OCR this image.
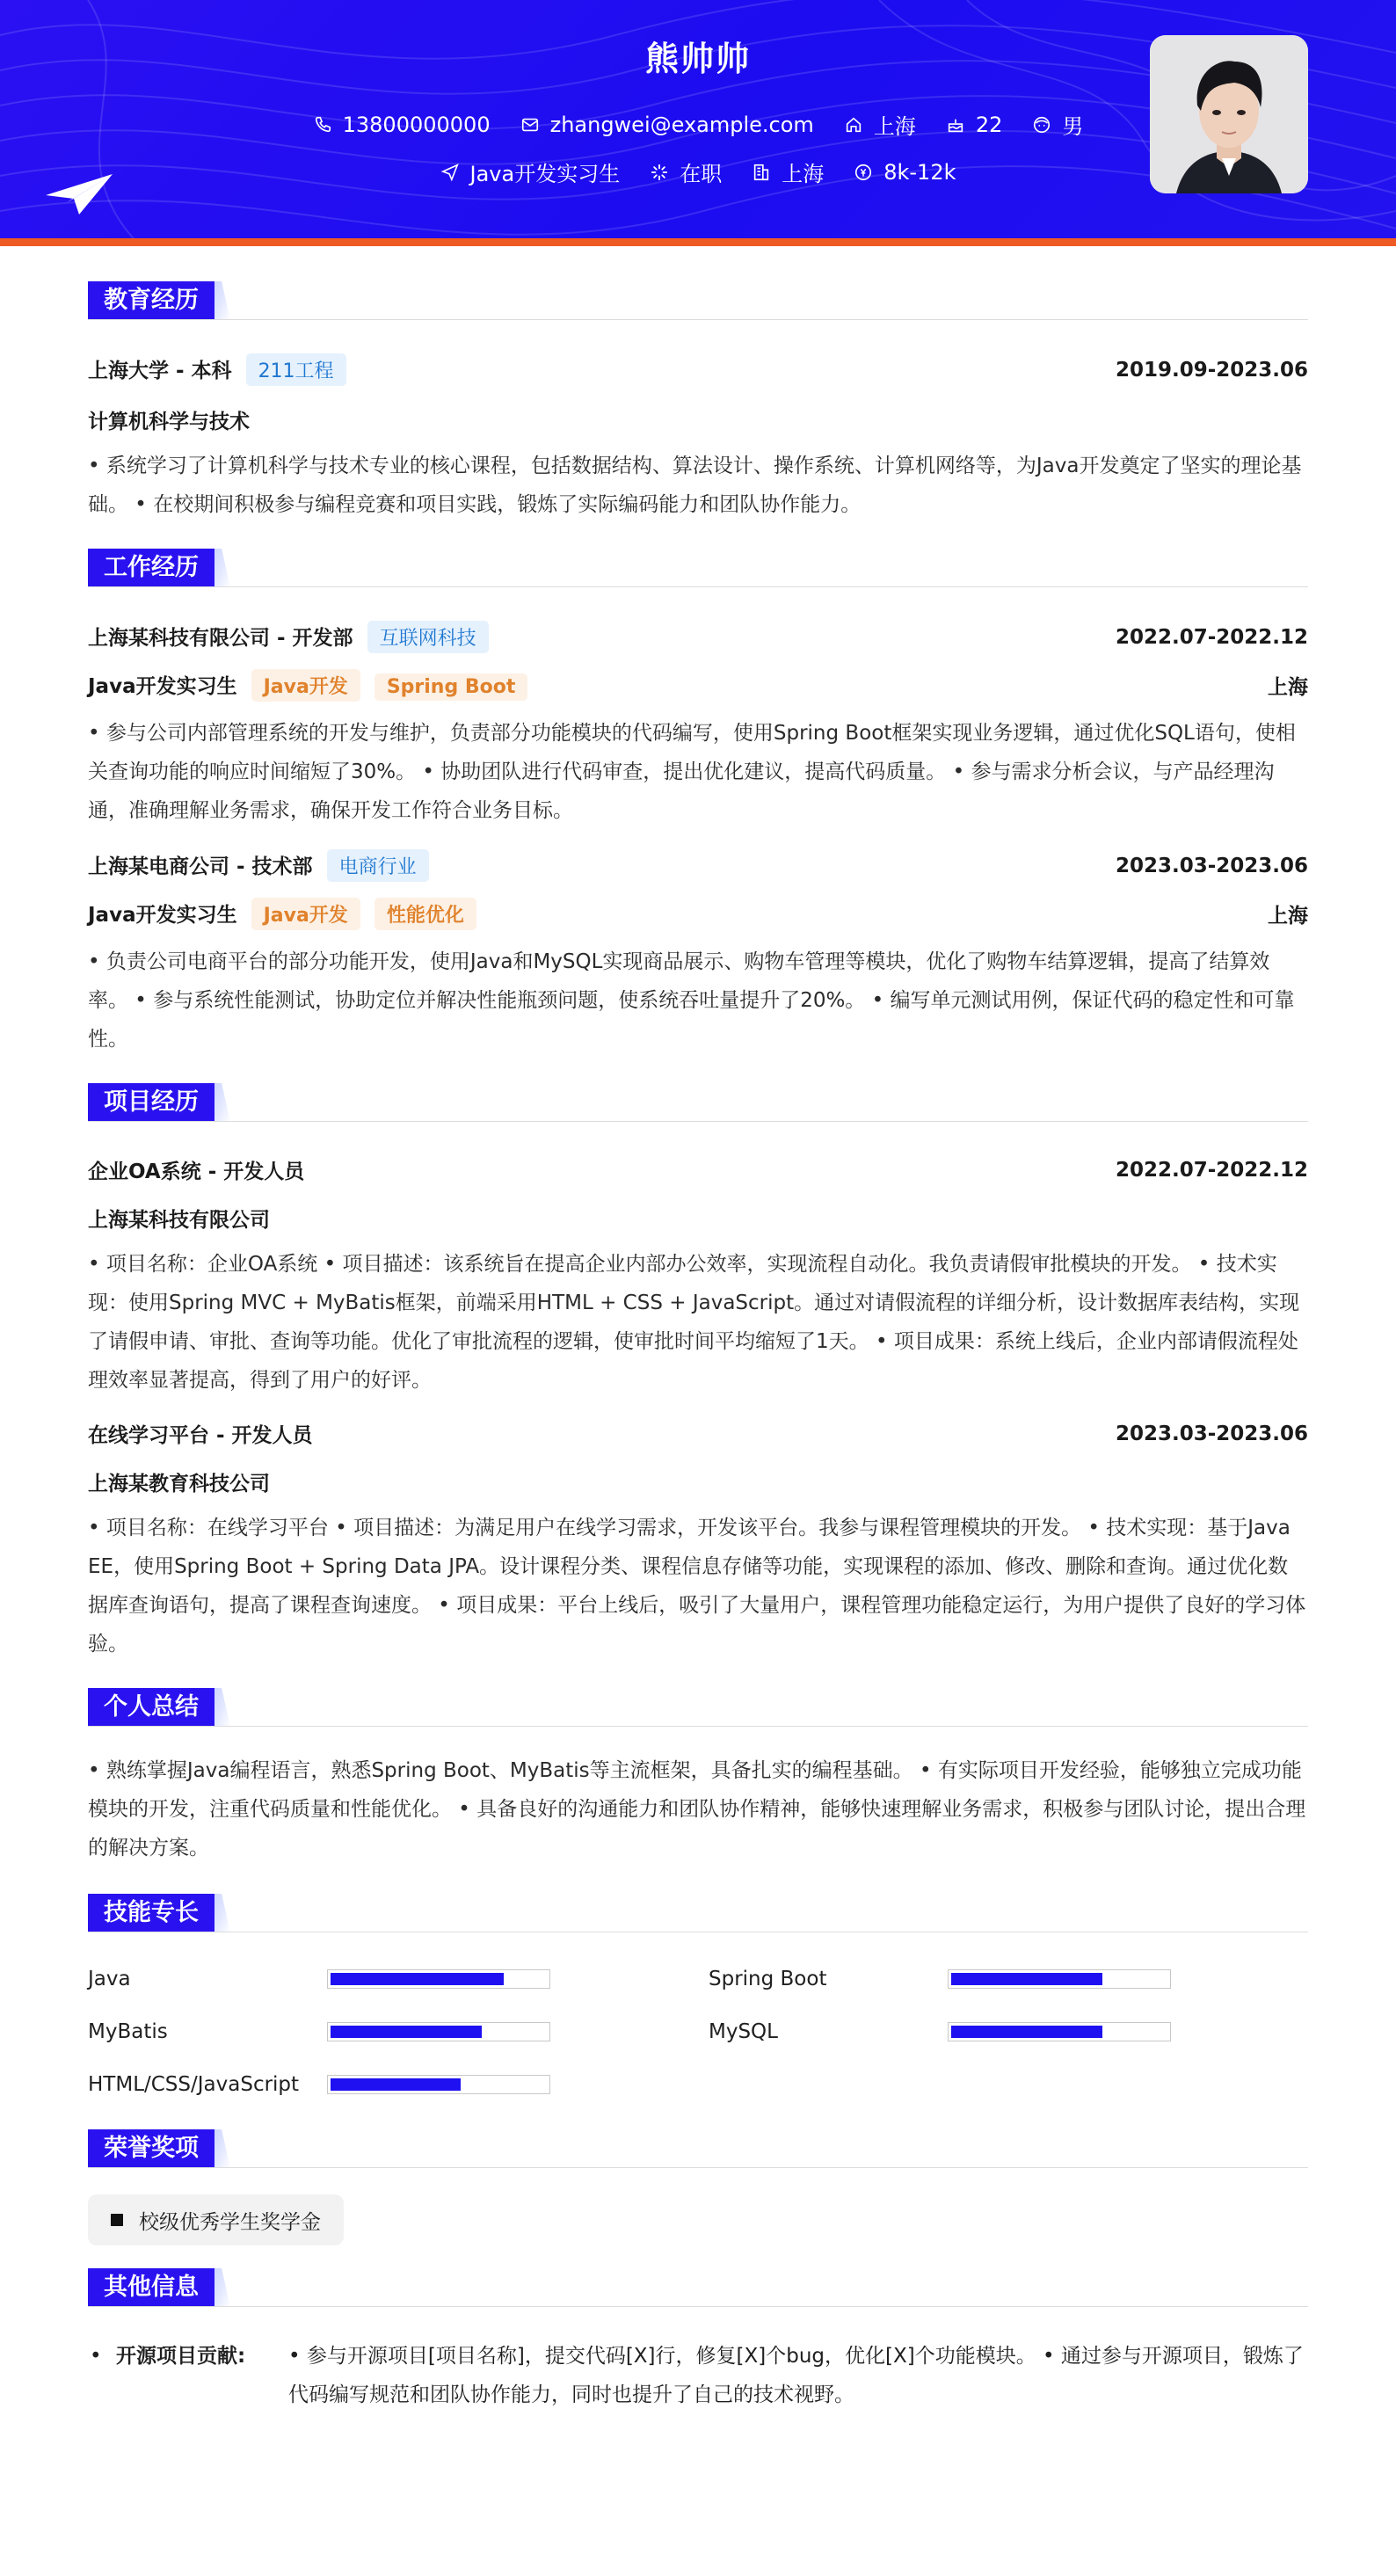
熊帅帅
13800000000	zhangwei@example.com	上海	22	男
Java开发实习生	在职	上海	8k-12k
教育经历
上海大学 - 本科 211工程	2019.09-2023.06
计算机科学与技术
• 系统学习了计算机科学与技术专业的核心课程，包括数据结构、算法设计、操作系统、计算机网络等，为Java开发奠定了坚实的理论基础。 • 在校期间积极参与编程竞赛和项目实践，锻炼了实际编码能力和团队协作能力。
工作经历
上海某科技有限公司 - 开发部 互联网科技	2022.07-2022.12
Java开发实习生 Java开发 Spring Boot	上海
• 参与公司内部管理系统的开发与维护，负责部分功能模块的代码编写，使用Spring Boot框架实现业务逻辑，通过优化SQL语句，使相关查询功能的响应时间缩短了30%。 • 协助团队进行代码审查，提出优化建议，提高代码质量。 • 参与需求分析会议，与产品经理沟通，准确理解业务需求，确保开发工作符合业务目标。
上海某电商公司 - 技术部 电商行业	2023.03-2023.06
Java开发实习生 Java开发 性能优化	上海
• 负责公司电商平台的部分功能开发，使用Java和MySQL实现商品展示、购物车管理等模块，优化了购物车结算逻辑，提高了结算效率。 • 参与系统性能测试，协助定位并解决性能瓶颈问题，使系统吞吐量提升了20%。 • 编写单元测试用例，保证代码的稳定性和可靠性。
项目经历
企业OA系统 - 开发人员	2022.07-2022.12
上海某科技有限公司
• 项目名称：企业OA系统 • 项目描述：该系统旨在提高企业内部办公效率，实现流程自动化。我负责请假审批模块的开发。 • 技术实现：使用Spring MVC + MyBatis框架，前端采用HTML + CSS + JavaScript。通过对请假流程的详细分析，设计数据库表结构，实现了请假申请、审批、查询等功能。优化了审批流程的逻辑，使审批时间平均缩短了1天。 • 项目成果：系统上线后，企业内部请假流程处理效率显著提高，得到了用户的好评。
在线学习平台 - 开发人员	2023.03-2023.06
上海某教育科技公司
• 项目名称：在线学习平台 • 项目描述：为满足用户在线学习需求，开发该平台。我参与课程管理模块的开发。 • 技术实现：基于Java EE，使用Spring Boot + Spring Data JPA。设计课程分类、课程信息存储等功能，实现课程的添加、修改、删除和查询。通过优化数据库查询语句，提高了课程查询速度。 • 项目成果：平台上线后，吸引了大量用户，课程管理功能稳定运行，为用户提供了良好的学习体验。
个人总结
• 熟练掌握Java编程语言，熟悉Spring Boot、MyBatis等主流框架，具备扎实的编程基础。 • 有实际项目开发经验，能够独立完成功能模块的开发，注重代码质量和性能优化。 • 具备良好的沟通能力和团队协作精神，能够快速理解业务需求，积极参与团队讨论，提出合理的解决方案。
技能专长
Java	Spring Boot
MyBatis	MySQL
HTML/CSS/JavaScript
荣誉奖项
校级优秀学生奖学金
其他信息
• 开源项目贡献:	• 参与开源项目[项目名称]，提交代码[X]行，修复[X]个bug，优化[X]个功能模块。 • 通过参与开源项目，锻炼了代码编写规范和团队协作能力，同时也提升了自己的技术视野。
